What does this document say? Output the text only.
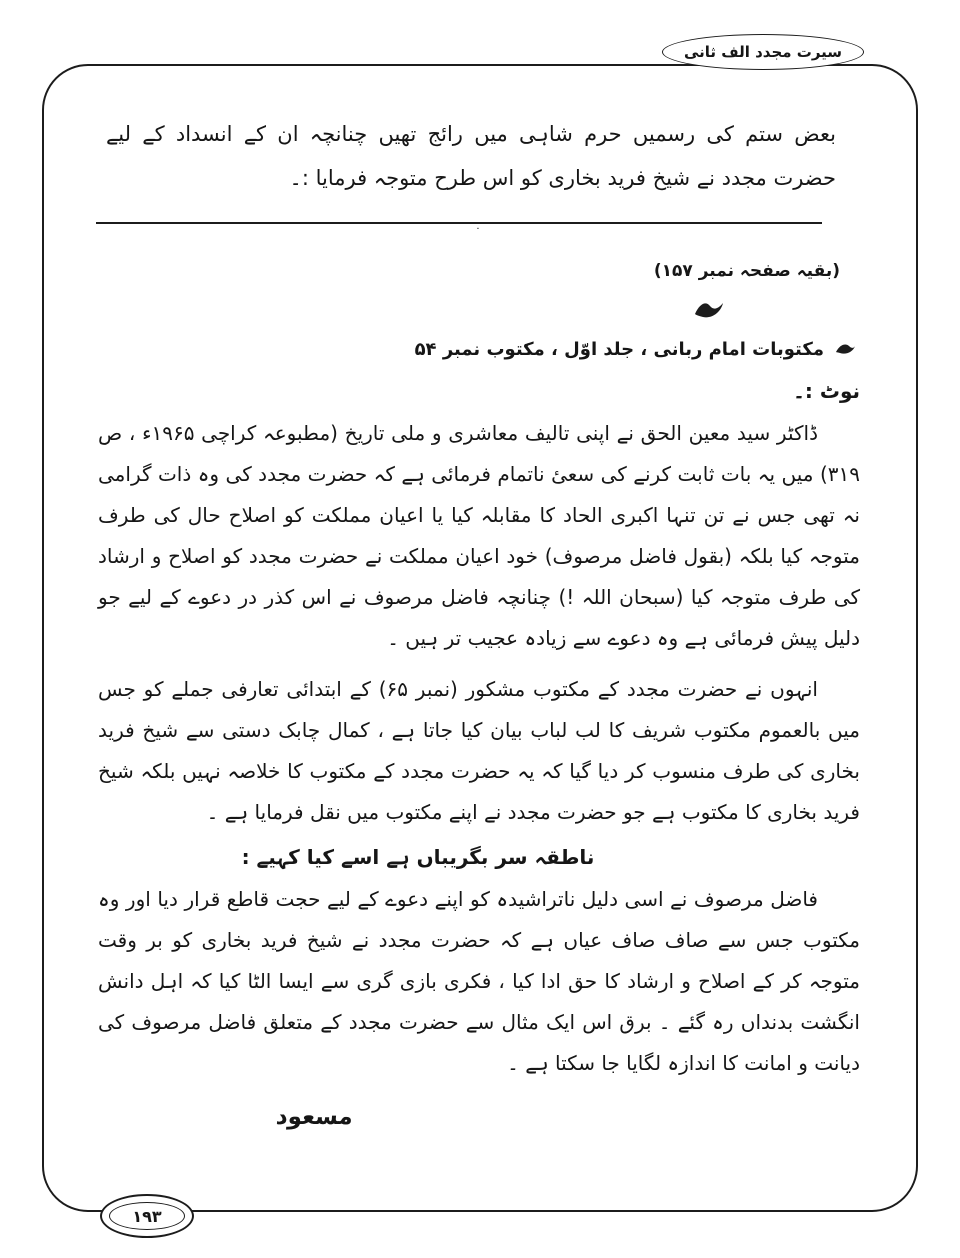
سیرت مجدد الف ثانی
بعض ستم کی رسمیں حرم شاہی میں رائج تھیں چنانچہ ان کے انسداد کے لیے حضرت مجدد نے شیخ فرید بخاری کو اس طرح متوجہ فرمایا :۔
·
(بقیہ صفحہ نمبر ۱۵۷)
مکتوبات امام ربانی ، جلد اوّل ، مکتوب نمبر ۵۴
نوٹ :۔
ڈاکٹر سید معین الحق نے اپنی تالیف معاشری و ملی تاریخ (مطبوعہ کراچی ۱۹۶۵ء ، ص ۳۱۹) میں یہ بات ثابت کرنے کی سعیٔ ناتمام فرمائی ہے کہ حضرت مجدد کی وہ ذات گرامی نہ تھی جس نے تن تنہا اکبری الحاد کا مقابلہ کیا یا اعیان مملکت کو اصلاح حال کی طرف متوجہ کیا بلکہ (بقول فاضل مرصوف) خود اعیان مملکت نے حضرت مجدد کو اصلاح و ارشاد کی طرف متوجہ کیا (سبحان اللہ !) چنانچہ فاضل مرصوف نے اس کذر در دعوے کے لیے جو دلیل پیش فرمائی ہے وہ دعوے سے زیادہ عجیب تر ہیں ۔
انہوں نے حضرت مجدد کے مکتوب مشکور (نمبر ۶۵) کے ابتدائی تعارفی جملے کو جس میں بالعموم مکتوب شریف کا لب لباب بیان کیا جاتا ہے ، کمال چابک دستی سے شیخ فرید بخاری کی طرف منسوب کر دیا گیا کہ یہ حضرت مجدد کے مکتوب کا خلاصہ نہیں بلکہ شیخ فرید بخاری کا مکتوب ہے جو حضرت مجدد نے اپنے مکتوب میں نقل فرمایا ہے ۔
ناطقہ سر بگریباں ہے اسے کیا کہیے :
فاضل مرصوف نے اسی دلیل ناتراشیدہ کو اپنے دعوے کے لیے حجت قاطع قرار دیا اور وہ مکتوب جس سے صاف صاف عیاں ہے کہ حضرت مجدد نے شیخ فرید بخاری کو بر وقت متوجہ کر کے اصلاح و ارشاد کا حق ادا کیا ، فکری بازی گری سے ایسا الٹا کیا کہ اہل دانش انگشت بدنداں رہ گئے ۔ برق اس ایک مثال سے حضرت مجدد کے متعلق فاضل مرصوف کی دیانت و امانت کا اندازہ لگایا جا سکتا ہے ۔
مسعود
۱۹۳
